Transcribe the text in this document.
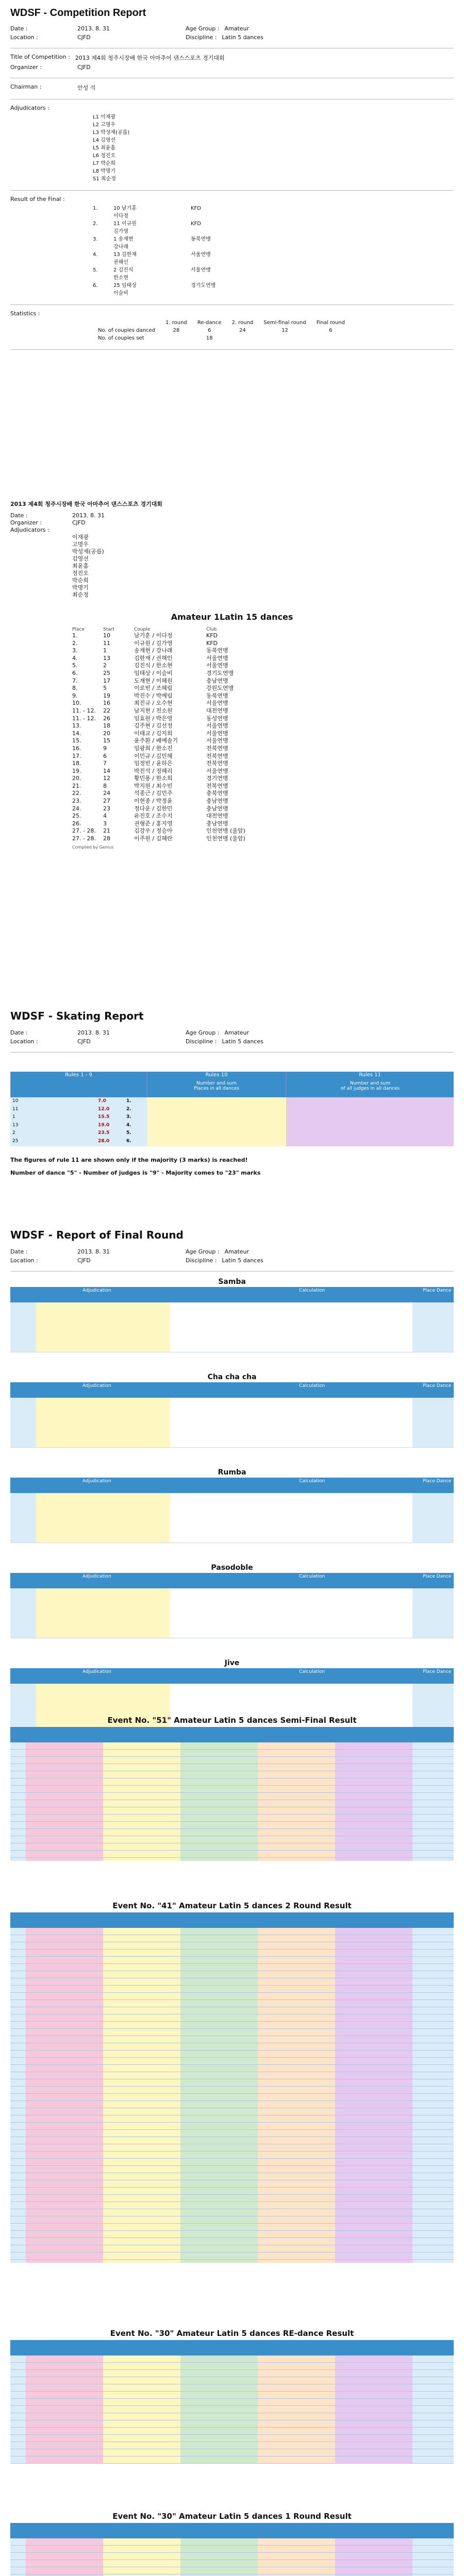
WDSF - Competition Report
Date :	2013. 8. 31	Age Group : Amateur
Location :	CJFD	Discipline : Latin 5 dances
Title of Competition : 2013 제4회 청주시장배 한국 아마추어 댄스스포츠 경기대회
Organizer :	CJFD
Chairman :	안성 석
Adjudicators :
L1 이재광
L2 고명우
L3 박성재(공릅)
L4 김영선
L5 최윤흠
L6 정진오
L7 박순희
L8 박명기
S1 최순정
Result of the Final :
1.	10 남기훈	KFD
이다정
2.	11 이규원	KFD
김가영
3.	1 송재현	동북연맹
강나래
4.	13 김한재	서울연맹
권해인
5.	2 김진식	서울연맹
한소현
6.	25 임태상	경기도연맹
이슬비
Statistics :
	1. round	Re-dance	2. round	Semi-final round	Final round
No. of couples danced	28	6	24	12	6
No. of couples set		18			
2013 제4회 청주시장배 한국 아마추어 댄스스포츠 경기대회
Date :	2013. 8. 31
Organizer :	CJFD
Adjudicators :
이재광
고명우
박성재(공릅)
김영선
최윤흠
정진오
박순희
박명기
최순정
Amateur 1Latin 15 dances
Place	Start	Couple	Club
1.	10	남기훈 / 이다정	KFD
2.	11	이규원 / 김가영	KFD
3.	1	송재현 / 강나래	동북연맹
4.	13	김한재 / 권해인	서울연맹
5.	2	김진식 / 한소현	서울연맹
6.	25	임태상 / 이슬비	경기도연맹
7.	17	도재현 / 이혜원	충남연맹
8.	5	이로빈 / 조혜림	강원도연맹
9.	19	박진수 / 박예림	동북연맹
10.	16	최진규 / 오수현	서울연맹
11. - 12.	22	남지현 / 전소원	대전연맹
11. - 12.	26	임효원 / 박은영	동성연맹
13.	18	김주현 / 김선정	서울연맹
14.	20	이태교 / 김지희	서울연맹
15.	15	윤주환 / 배예솔기	서울연맹
16.	9	임광희 / 한소진	전북연맹
17.	6	이민규 / 김민혜	전북연맹
18.	7	임정빈 / 윤하은	전북연맹
19.	14	박진석 / 정혜리	서울연맹
20.	12	황민용 / 한소희	경기연맹
21.	8	박지원 / 최수빈	전북연맹
22.	24	석종근 / 김민주	충북연맹
23.	27	이현종 / 박정윤	충남연맹
24.	23	정다운 / 김한민	충남연맹
25.	4	유진호 / 조수지	대전연맹
26.	3	권형준 / 홍지영	충남연맹
27. - 28.	21	김강우 / 정승아	인천연맹 (울암)
27. - 28.	28	이주원 / 김혜란	인천연맹 (울암)
Compiled by Genius
WDSF - Skating Report
Date :	2013. 8. 31	Age Group : Amateur
Location :	CJFD	Discipline : Latin 5 dances
Rules 1 - 9	Rules 10	Rules 11
Number and sum
Places in all dances
Number and sum
of all judges in all dances
10	7.0	1.
11	12.0	2.
1	15.5	3.
13	19.0	4.
2	23.5	5.
25	28.0	6.
The figures of rule 11 are shown only if the majority (3 marks) is reached!
Number of dance "5" - Number of judges is "9" - Majority comes to "23" marks
WDSF - Report of Final Round
Date :	2013. 8. 31	Age Group : Amateur
Location :	CJFD	Discipline : Latin 5 dances
Samba
Adjudication	Calculation	Place Dance
Cha cha cha
Adjudication	Calculation	Place Dance
Rumba
Adjudication	Calculation	Place Dance
Pasodoble
Adjudication	Calculation	Place Dance
Jive
Adjudication	Calculation	Place Dance
Event No. "51" Amateur Latin 5 dances Semi-Final Result
Event No. "41" Amateur Latin 5 dances 2 Round Result
Event No. "30" Amateur Latin 5 dances RE-dance Result
Event No. "30" Amateur Latin 5 dances 1 Round Result
